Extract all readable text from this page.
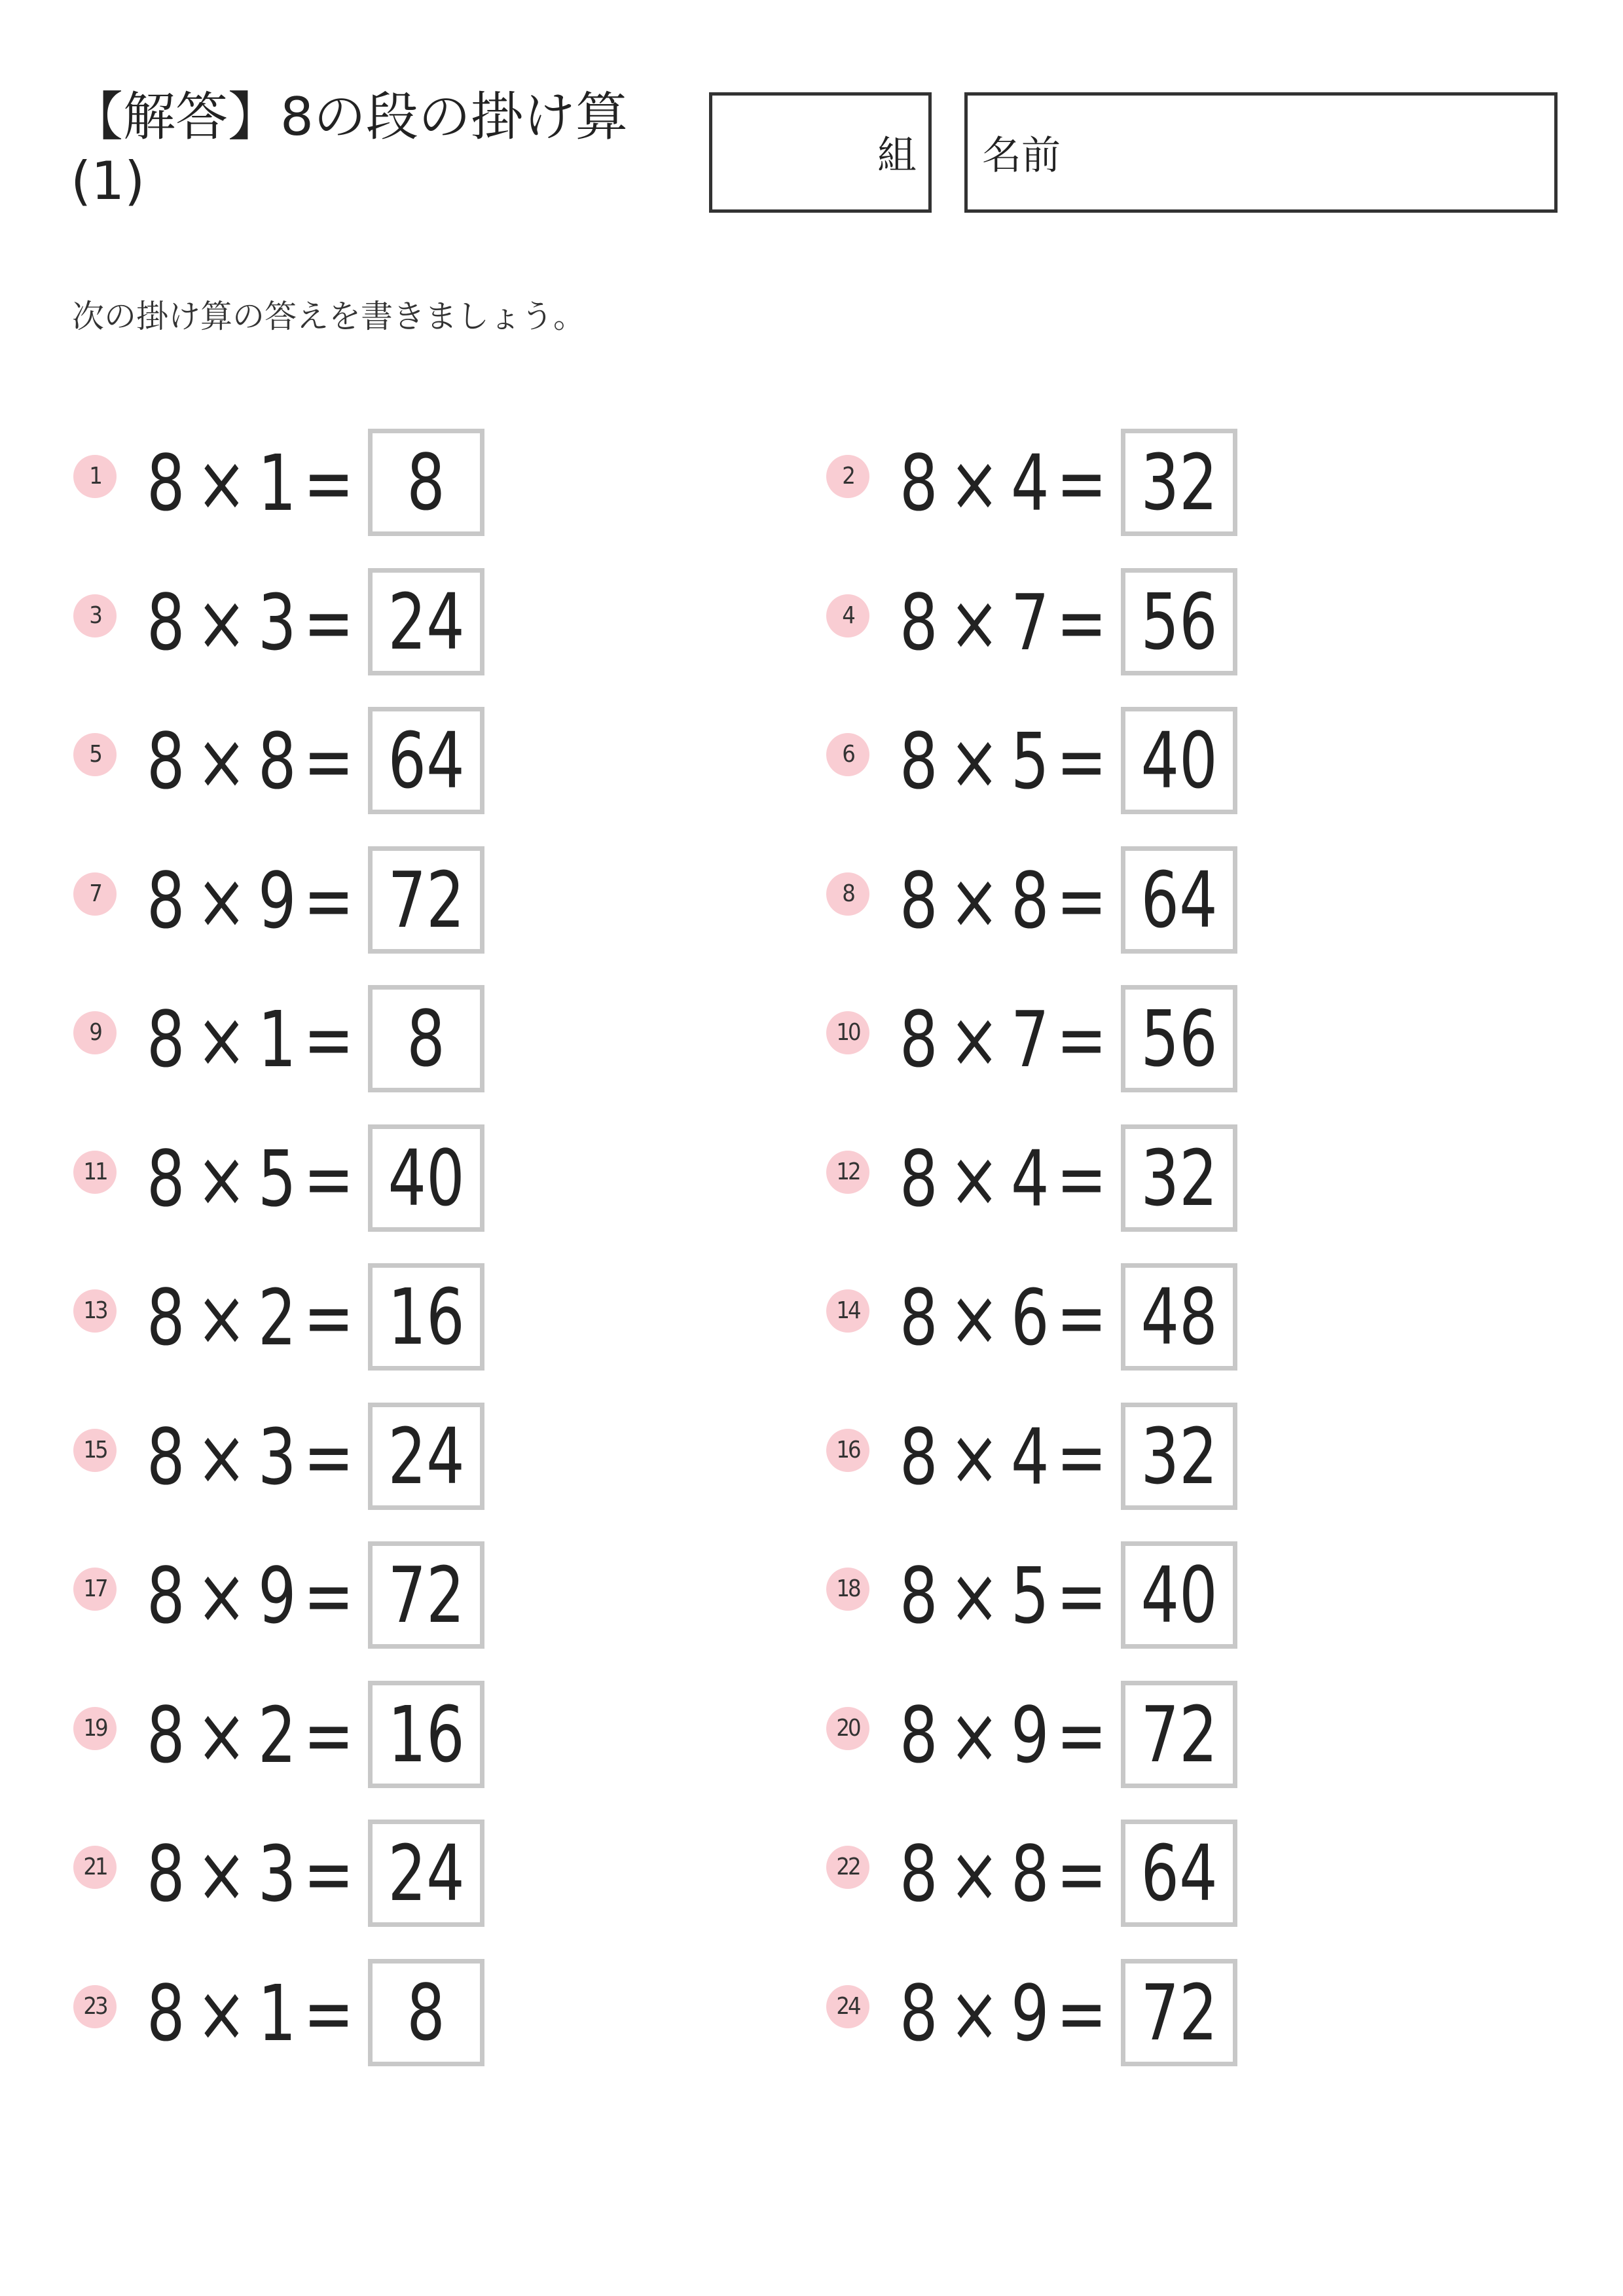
【解答】8の段の掛け算
(1)	組 名前
次の掛け算の答えを書きましょう。
1 8 × 1= 8	2 8 × 4= 32
3 8 × 3= 24	4 8 × 7= 56
5 8 × 8= 64	6 8 × 5= 40
7 8 × 9= 72	8 8 × 8= 64
9 8 × 1= 8	10 8 × 7= 56
11 8 × 5= 40	12 8 × 4= 32
13 8 × 2= 16	14 8 × 6= 48
15 8 × 3= 24	16 8 × 4= 32
17 8 × 9= 72	18 8 × 5= 40
19 8 × 2= 16	20 8 × 9= 72
21 8 × 3= 24	22 8 × 8= 64
23 8 × 1= 8	24 8 × 9= 72
